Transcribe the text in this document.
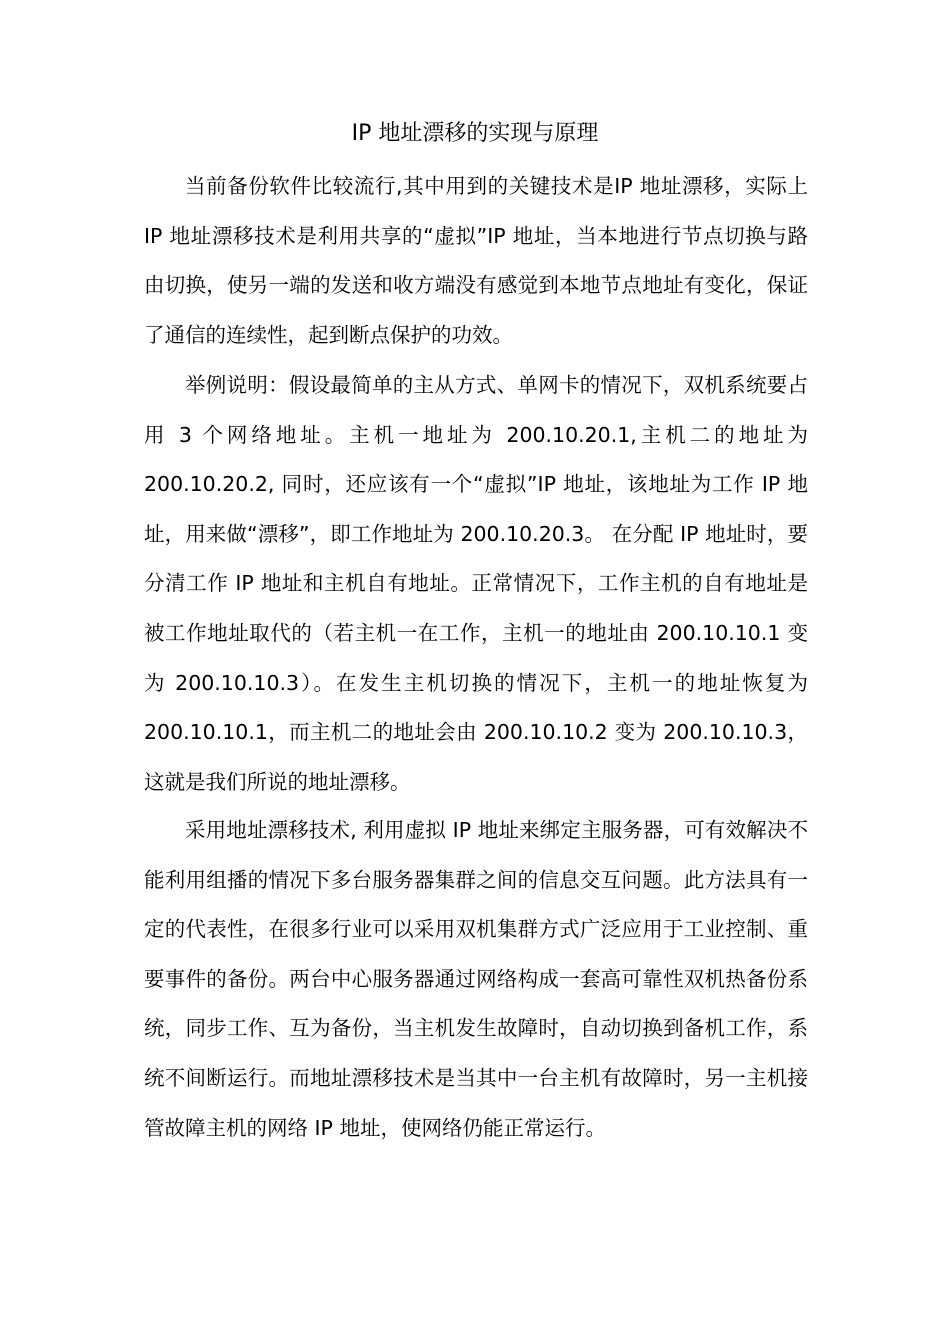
IP 地址漂移的实现与原理

当前备份软件比较流行,其中用到的关键技术是IP 地址漂移，实际上 IP 地址漂移技术是利用共享的“虚拟”IP 地址，当本地进行节点切换与路由切换，使另一端的发送和收方端没有感觉到本地节点地址有变化，保证了通信的连续性，起到断点保护的功效。

举例说明：假设最简单的主从方式、单网卡的情况下，双机系统要占用 3 个网络地址。主机一地址为 200.10.20.1,主机二的地址为 200.10.20.2, 同时，还应该有一个“虚拟”IP 地址，该地址为工作 IP 地址，用来做“漂移”，即工作地址为 200.10.20.3。 在分配 IP 地址时，要分清工作 IP 地址和主机自有地址。正常情况下，工作主机的自有地址是被工作地址取代的（若主机一在工作，主机一的地址由 200.10.10.1 变为 200.10.10.3）。在发生主机切换的情况下，主机一的地址恢复为 200.10.10.1，而主机二的地址会由 200.10.10.2 变为 200.10.10.3，这就是我们所说的地址漂移。

采用地址漂移技术, 利用虚拟 IP 地址来绑定主服务器，可有效解决不能利用组播的情况下多台服务器集群之间的信息交互问题。此方法具有一定的代表性，在很多行业可以采用双机集群方式广泛应用于工业控制、重要事件的备份。两台中心服务器通过网络构成一套高可靠性双机热备份系统，同步工作、互为备份，当主机发生故障时，自动切换到备机工作，系统不间断运行。而地址漂移技术是当其中一台主机有故障时，另一主机接管故障主机的网络 IP 地址，使网络仍能正常运行。
